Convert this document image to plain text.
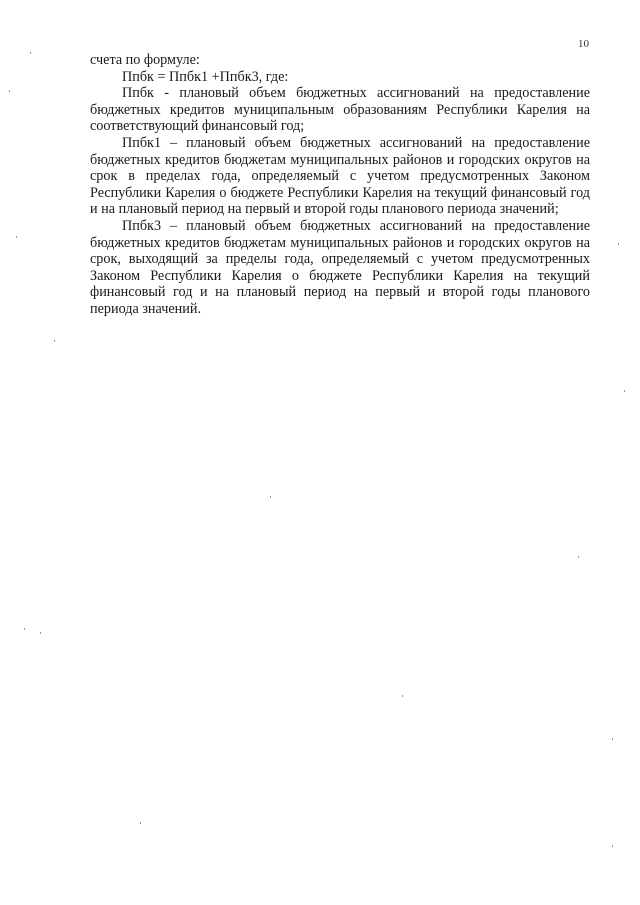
10

счета по формуле:

Ппбк = Ппбк1 +Ппбк3, где:

Ппбк - плановый объем бюджетных ассигнований на предоставление бюджетных кредитов муниципальным образованиям Республики Карелия на соответствующий финансовый год;

Ппбк1 – плановый объем бюджетных ассигнований на предоставление бюджетных кредитов бюджетам муниципальных районов и городских округов на срок в пределах года, определяемый с учетом предусмотренных Законом Республики Карелия о бюджете Республики Карелия на текущий финансовый год и на плановый период на первый и второй годы планового периода значений;

Ппбк3 – плановый объем бюджетных ассигнований на предоставление бюджетных кредитов бюджетам муниципальных районов и городских округов на срок, выходящий за пределы года, определяемый с учетом предусмотренных Законом Республики Карелия о бюджете Республики Карелия на текущий финансовый год и на плановый период на первый и второй годы планового периода значений.
